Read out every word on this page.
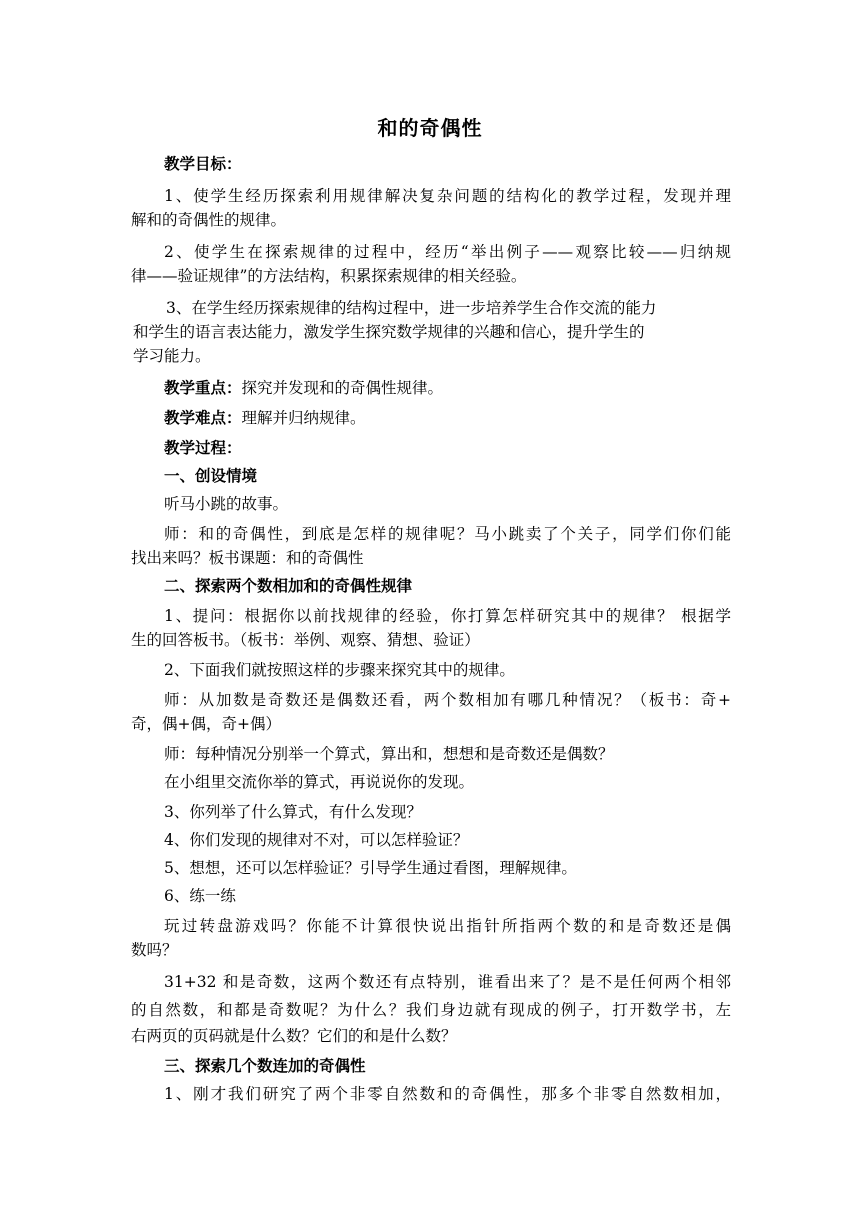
和的奇偶性
教学目标：
1、使学生经历探索利用规律解决复杂问题的结构化的教学过程，发现并理
解和的奇偶性的规律。
2、使学生在探索规律的过程中，经历“举出例子——观察比较——归纳规
律——验证规律”的方法结构，积累探索规律的相关经验。
3、在学生经历探索规律的结构过程中，进一步培养学生合作交流的能力
和学生的语言表达能力，激发学生探究数学规律的兴趣和信心，提升学生的
学习能力。
教学重点：探究并发现和的奇偶性规律。
教学难点：理解并归纳规律。
教学过程：
一、创设情境
听马小跳的故事。
师：和的奇偶性，到底是怎样的规律呢？马小跳卖了个关子，同学们你们能
找出来吗？板书课题：和的奇偶性
二、探索两个数相加和的奇偶性规律
1、提问：根据你以前找规律的经验，你打算怎样研究其中的规律？ 根据学
生的回答板书。（板书：举例、观察、猜想、验证）
2、下面我们就按照这样的步骤来探究其中的规律。
师：从加数是奇数还是偶数还看，两个数相加有哪几种情况？（板书：奇+
奇，偶+偶，奇+偶）
师：每种情况分别举一个算式，算出和，想想和是奇数还是偶数？
在小组里交流你举的算式，再说说你的发现。
3、你列举了什么算式，有什么发现？
4、你们发现的规律对不对，可以怎样验证？
5、想想，还可以怎样验证？引导学生通过看图，理解规律。
6、练一练
玩过转盘游戏吗？你能不计算很快说出指针所指两个数的和是奇数还是偶
数吗？
31+32 和是奇数，这两个数还有点特别，谁看出来了？是不是任何两个相邻
的自然数，和都是奇数呢？为什么？我们身边就有现成的例子，打开数学书，左
右两页的页码就是什么数？它们的和是什么数？
三、探索几个数连加的奇偶性
1、刚才我们研究了两个非零自然数和的奇偶性，那多个非零自然数相加，
